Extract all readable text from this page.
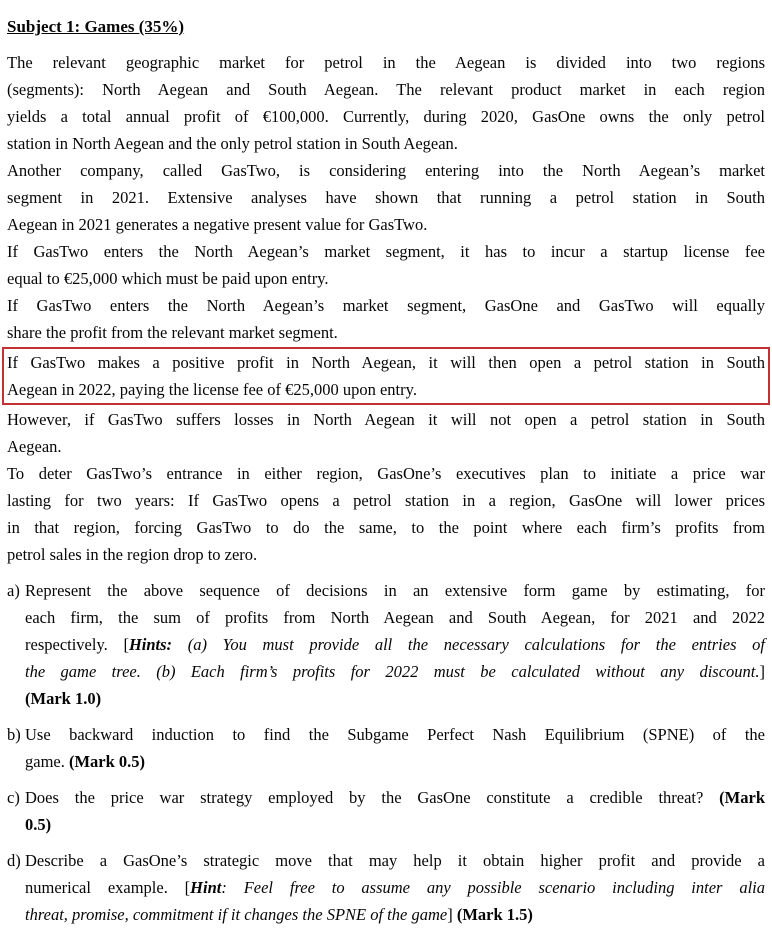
Subject 1: Games (35%)
The relevant geographic market for petrol in the Aegean is divided into two regions
(segments): North Aegean and South Aegean. The relevant product market in each region
yields a total annual profit of €100,000. Currently, during 2020, GasOne owns the only petrol
station in North Aegean and the only petrol station in South Aegean.
Another company, called GasTwo, is considering entering into the North Aegean’s market
segment in 2021. Extensive analyses have shown that running a petrol station in South
Aegean in 2021 generates a negative present value for GasTwo.
If GasTwo enters the North Aegean’s market segment, it has to incur a startup license fee
equal to €25,000 which must be paid upon entry.
If GasTwo enters the North Aegean’s market segment, GasOne and GasTwo will equally
share the profit from the relevant market segment.
If GasTwo makes a positive profit in North Aegean, it will then open a petrol station in South
Aegean in 2022, paying the license fee of €25,000 upon entry.
However, if GasTwo suffers losses in North Aegean it will not open a petrol station in South
Aegean.
To deter GasTwo’s entrance in either region, GasOne’s executives plan to initiate a price war
lasting for two years: If GasTwo opens a petrol station in a region, GasOne will lower prices
in that region, forcing GasTwo to do the same, to the point where each firm’s profits from
petrol sales in the region drop to zero.
a) Represent the above sequence of decisions in an extensive form game by estimating, for
each firm, the sum of profits from North Aegean and South Aegean, for 2021 and 2022
respectively. [Hints: (a) You must provide all the necessary calculations for the entries of
the game tree. (b) Each firm’s profits for 2022 must be calculated without any discount.]
(Mark 1.0)
b) Use backward induction to find the Subgame Perfect Nash Equilibrium (SPNE) of the
game. (Mark 0.5)
c) Does the price war strategy employed by the GasOne constitute a credible threat? (Mark
0.5)
d) Describe a GasOne’s strategic move that may help it obtain higher profit and provide a
numerical example. [Hint: Feel free to assume any possible scenario including inter alia
threat, promise, commitment if it changes the SPNE of the game] (Mark 1.5)
